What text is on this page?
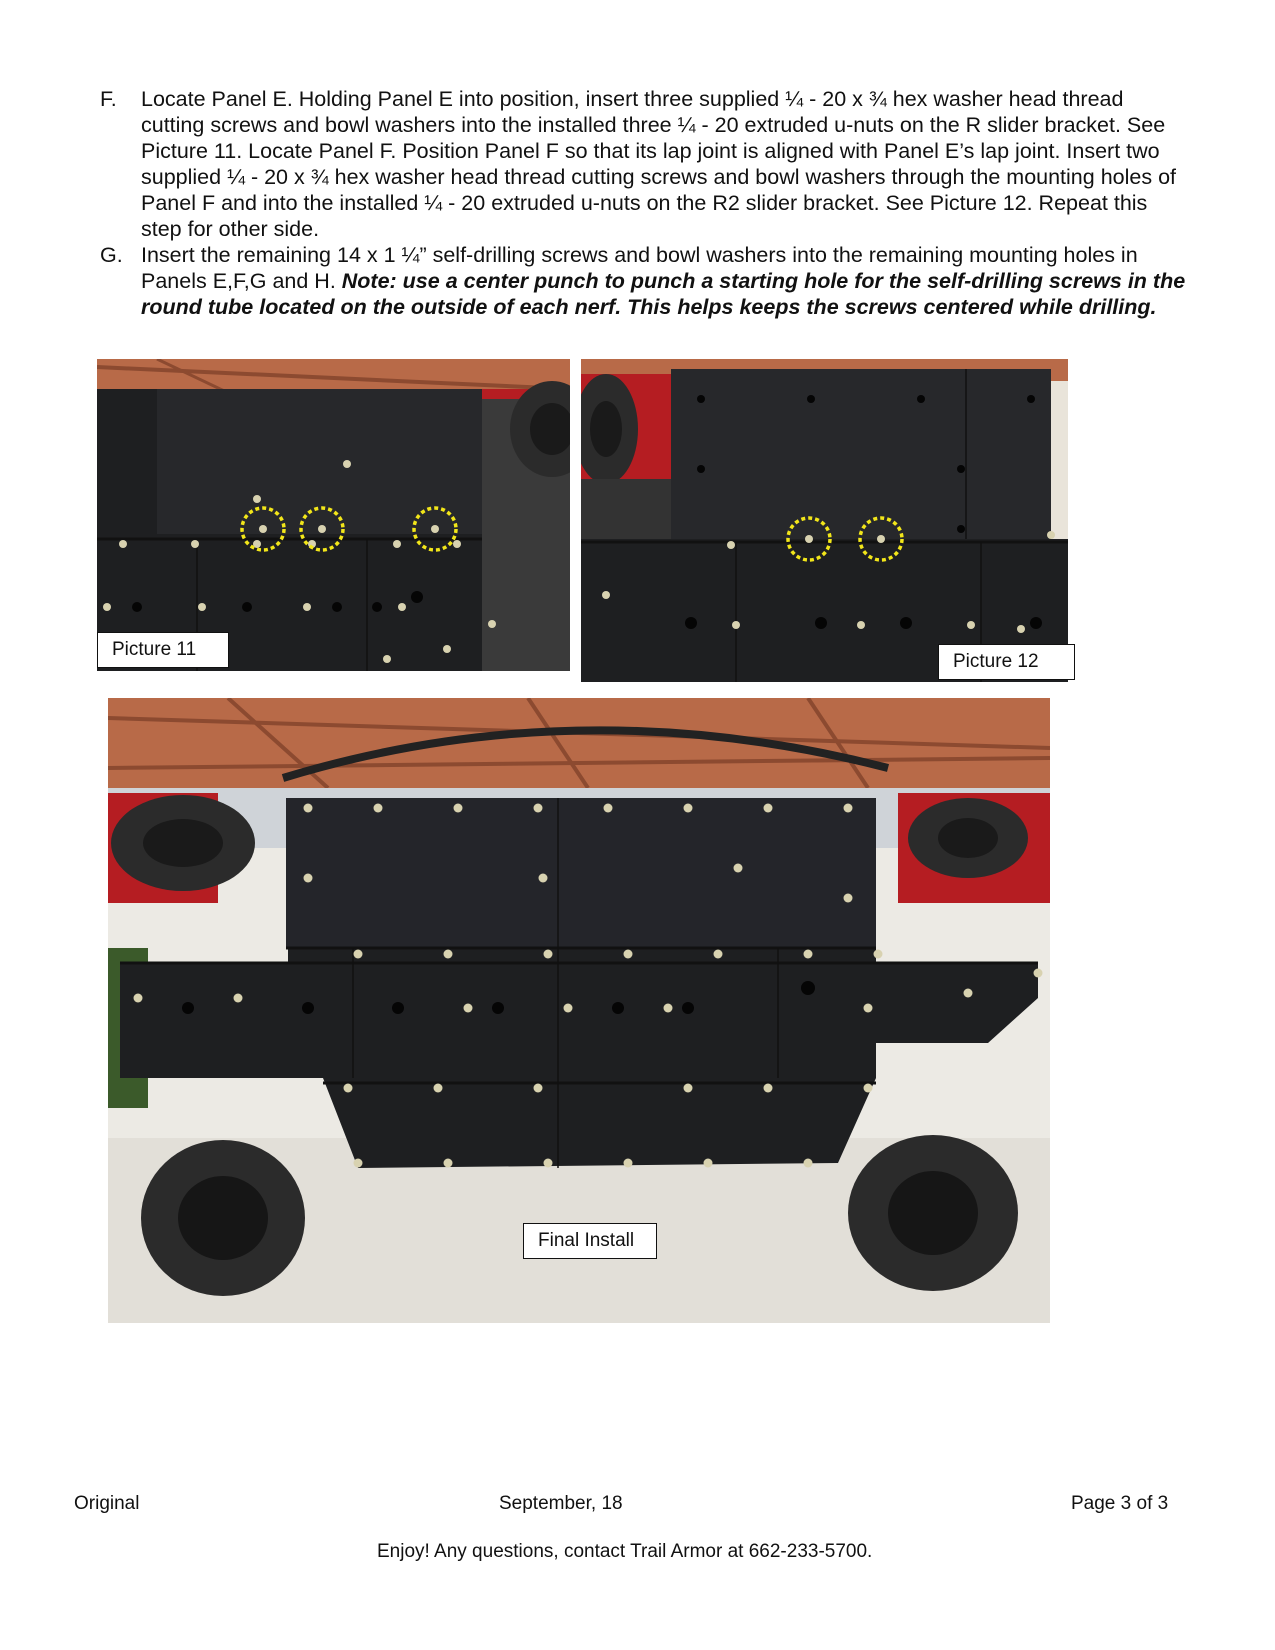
F.	Locate Panel E. Holding Panel E into position, insert three supplied ¼ - 20 x ¾ hex washer head thread cutting screws and bowl washers into the installed three ¼ - 20 extruded u-nuts on the R slider bracket. See Picture 11. Locate Panel F. Position Panel F so that its lap joint is aligned with Panel E’s lap joint. Insert two supplied ¼ - 20 x ¾ hex washer head thread cutting screws and bowl washers through the mounting holes of Panel F and into the installed ¼ - 20 extruded u-nuts on the R2 slider bracket. See Picture 12. Repeat this step for other side.
G. Insert the remaining 14 x 1 ¼” self-drilling screws and bowl washers into the remaining mounting holes in Panels E,F,G and H. Note: use a center punch to punch a starting hole for the self-drilling screws in the round tube located on the outside of each nerf. This helps keeps the screws centered while drilling.
Picture 11
Picture 12
Final Install
Original	September, 18	Page 3 of 3
Enjoy! Any questions, contact Trail Armor at 662-233-5700.
